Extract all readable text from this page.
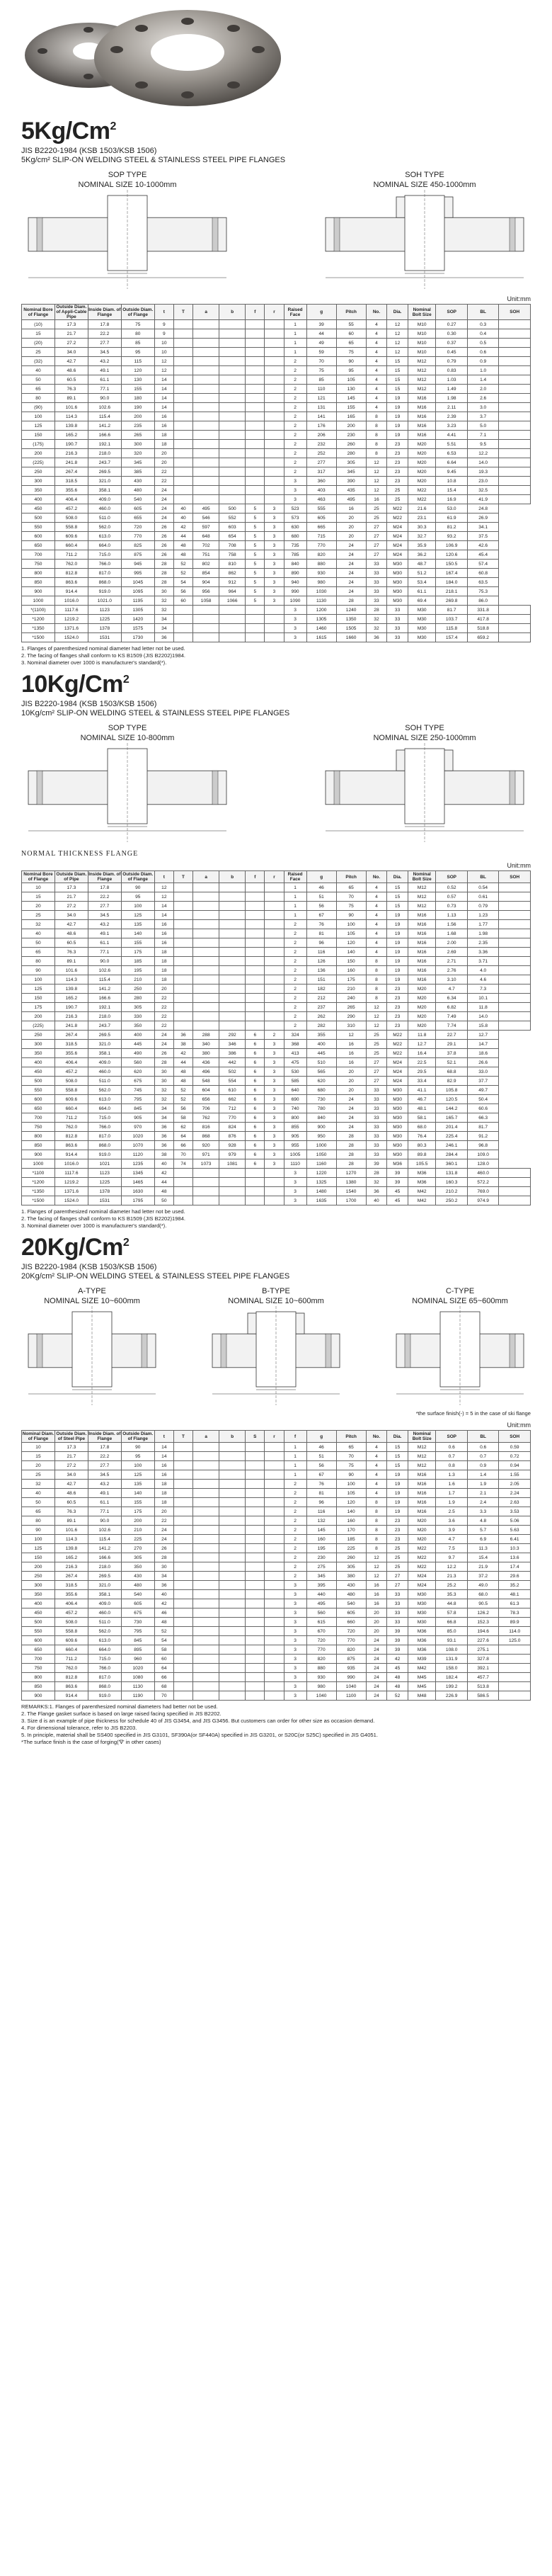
5Kg/Cm$^2$
JIS B2220-1984 (KSB 1503/KSB 1506)
5Kg/cm² SLIP-ON WELDING STEEL & STAINLESS STEEL PIPE FLANGES
SOP TYPE
NOMINAL SIZE 10-1000mm
SOH TYPE
NOMINAL SIZE 450-1000mm
Unit:mm
Nominal Bore of Flange	Outside Diam. of Appli-Cable Pipe	Inside Diam. of Flange	Outside Diam. of Flange	t	T	a	b	f	r	Raised Face	g	Pitch	No.	Dia.	Nominal Bolt Size	SOP	BL	SOH
(10)	17.3	17.8	75	9						1	39	55	4	12	M10	0.27	0.3	
15	21.7	22.2	80	9						1	44	60	4	12	M10	0.30	0.4	
(20)	27.2	27.7	85	10						1	49	65	4	12	M10	0.37	0.5	
25	34.0	34.5	95	10						1	59	75	4	12	M10	0.45	0.6	
(32)	42.7	43.2	115	12						2	70	90	4	15	M12	0.79	0.9	
40	48.6	49.1	120	12						2	75	95	4	15	M12	0.83	1.0	
50	60.5	61.1	130	14						2	85	105	4	15	M12	1.03	1.4	
65	76.3	77.1	155	14						2	110	130	4	15	M12	1.49	2.0	
80	89.1	90.0	180	14						2	121	145	4	19	M16	1.98	2.6	
(90)	101.6	102.6	190	14						2	131	155	4	19	M16	2.11	3.0	
100	114.3	115.4	200	16						2	141	165	8	19	M16	2.39	3.7	
125	139.8	141.2	235	16						2	176	200	8	19	M16	3.23	5.0	
150	165.2	166.6	265	18						2	206	230	8	19	M16	4.41	7.1	
(175)	190.7	192.1	300	18						2	232	260	8	23	M20	5.51	9.5	
200	216.3	218.0	320	20						2	252	280	8	23	M20	6.53	12.2	
(225)	241.8	243.7	345	20						2	277	305	12	23	M20	6.64	14.0	
250	267.4	269.5	385	22						2	317	345	12	23	M20	9.45	19.3	
300	318.5	321.0	430	22						3	360	390	12	23	M20	10.8	23.0	
350	355.6	358.1	480	24						3	403	435	12	25	M22	15.4	32.5	
400	406.4	409.0	540	24						3	463	495	16	25	M22	16.9	41.9	
450	457.2	460.0	605	24	40	495	500	5	3	523	555	16	25	M22	21.6	53.0	24.8	
500	508.0	511.0	655	24	40	546	552	5	3	573	605	20	25	M22	23.1	61.9	26.9	
550	558.8	562.0	720	26	42	597	603	5	3	630	665	20	27	M24	30.3	81.2	34.1	
600	609.6	613.0	770	26	44	648	654	5	3	680	715	20	27	M24	32.7	93.2	37.5	
650	660.4	664.0	825	26	48	702	708	5	3	735	770	24	27	M24	35.9	106.9	42.6	
700	711.2	715.0	875	26	48	751	758	5	3	785	820	24	27	M24	36.2	120.6	45.4	
750	762.0	766.0	945	28	52	802	810	5	3	840	880	24	33	M30	48.7	150.5	57.4	
800	812.8	817.0	995	28	52	854	862	5	3	890	930	24	33	M30	51.2	167.4	60.8	
850	863.6	868.0	1045	28	54	904	912	5	3	940	980	24	33	M30	53.4	184.0	63.5	
900	914.4	919.0	1095	30	56	956	964	5	3	990	1030	24	33	M30	61.1	218.1	75.3	
1000	1016.0	1021.0	1195	32	60	1058	1066	5	3	1090	1130	28	33	M30	69.4	269.8	86.0	
*(1100)	1117.6	1123	1305	32						3	1200	1240	28	33	M30	81.7	331.8	
*1200	1219.2	1225	1420	34						3	1305	1350	32	33	M30	103.7	417.8	
*1350	1371.6	1378	1575	34						3	1460	1505	32	33	M30	115.8	518.8	
*1500	1524.0	1531	1730	36						3	1615	1660	36	33	M30	157.4	659.2	
1. Flanges of parenthesized nominal diameter had letter not be used.
2. The facing of flanges shall conform to KS B1509 (JIS B2202)1984.
3. Nominal diameter over 1000 is manufacturer's standard(*).
10Kg/Cm$^2$
JIS B2220-1984 (KSB 1503/KSB 1506)
10Kg/cm² SLIP-ON WELDING STEEL & STAINLESS STEEL PIPE FLANGES
SOP TYPE
NOMINAL SIZE 10-800mm
SOH TYPE
NOMINAL SIZE 250-1000mm
NORMAL THICKNESS FLANGE
Unit:mm
Nominal Bore of Flange	Outside Diam. of Pipe	Inside Diam. of Flange	Outside Diam. of Flange	t	T	a	b	f	r	Raised Face	g	Pitch	No.	Dia.	Nominal Bolt Size	SOP	BL	SOH
10	17.3	17.8	90	12						1	46	65	4	15	M12	0.52	0.54	
15	21.7	22.2	95	12						1	51	70	4	15	M12	0.57	0.61	
20	27.2	27.7	100	14						1	56	75	4	15	M12	0.73	0.79	
25	34.0	34.5	125	14						1	67	90	4	19	M16	1.13	1.23	
32	42.7	43.2	135	16						2	76	100	4	19	M16	1.56	1.77	
40	48.6	49.1	140	16						2	81	105	4	19	M16	1.68	1.98	
50	60.5	61.1	155	16						2	96	120	4	19	M16	2.00	2.35	
65	76.3	77.1	175	18						2	116	140	4	19	M16	2.69	3.36	
80	89.1	90.0	185	18						2	126	150	8	19	M16	2.71	3.71	
90	101.6	102.6	195	18						2	136	160	8	19	M16	2.76	4.0	
100	114.3	115.4	210	18						2	151	175	8	19	M16	3.10	4.6	
125	139.8	141.2	250	20						2	182	210	8	23	M20	4.7	7.3	
150	165.2	166.6	280	22						2	212	240	8	23	M20	6.34	10.1	
175	190.7	192.1	305	22						2	237	265	12	23	M20	6.82	11.8	
200	216.3	218.0	330	22						2	262	290	12	23	M20	7.49	14.0	
(225)	241.8	243.7	350	22						2	282	310	12	23	M20	7.74	15.8	
250	267.4	269.5	400	24	36	288	292	6	2	324	355	12	25	M22	11.8	22.7	12.7	
300	318.5	321.0	445	24	38	340	346	6	3	368	400	16	25	M22	12.7	29.1	14.7	
350	355.6	358.1	490	26	42	380	386	6	3	413	445	16	25	M22	16.4	37.8	18.6	
400	406.4	409.0	560	28	44	436	442	6	3	475	510	16	27	M24	22.5	52.1	26.6	
450	457.2	460.0	620	30	48	496	502	6	3	530	565	20	27	M24	29.5	68.8	33.0	
500	508.0	511.0	675	30	48	548	554	6	3	585	620	20	27	M24	33.4	82.9	37.7	
550	558.8	562.0	745	32	52	604	610	6	3	640	680	20	33	M30	41.1	105.8	49.7	
600	609.6	613.0	795	32	52	656	662	6	3	690	730	24	33	M30	46.7	120.5	50.4	
650	660.4	664.0	845	34	56	706	712	6	3	740	780	24	33	M30	48.1	144.2	60.6	
700	711.2	715.0	905	34	58	762	770	6	3	800	840	24	33	M30	58.1	165.7	66.3	
750	762.0	766.0	970	36	62	816	824	6	3	855	900	24	33	M30	68.0	201.4	81.7	
800	812.8	817.0	1020	36	64	868	876	6	3	905	950	28	33	M30	76.4	225.4	91.2	
850	863.6	868.0	1070	36	66	920	928	6	3	955	1000	28	33	M30	80.3	246.1	96.8	
900	914.4	919.0	1120	38	70	971	979	6	3	1005	1050	28	33	M30	89.8	284.4	109.0	
1000	1016.0	1021	1235	40	74	1073	1081	6	3	1110	1160	28	39	M36	105.5	360.1	128.0	
*1100	1117.6	1123	1345	42						3	1220	1270	28	39	M36	131.8	460.0	
*1200	1219.2	1225	1465	44						3	1325	1380	32	39	M36	160.3	572.2	
*1350	1371.6	1378	1630	48						3	1480	1540	36	45	M42	210.2	769.0	
*1500	1524.0	1531	1795	50						3	1635	1700	40	45	M42	250.2	974.9	
1. Flanges of parenthesized nominal diameter had letter not be used.
2. The facing of flanges shall conform to KS B1509 (JIS B2202)1984.
3. Nominal diameter over 1000 is manufacturer's standard(*).
20Kg/Cm$^2$
JIS B2220-1984 (KSB 1503/KSB 1506)
20Kg/cm² SLIP-ON WELDING STEEL & STAINLESS STEEL PIPE FLANGES
A-TYPE
NOMINAL SIZE 10~600mm
B-TYPE
NOMINAL SIZE 10~600mm
C-TYPE
NOMINAL SIZE 65~600mm
*the surface finish(-) = 5 in the case of ski flange
Unit:mm
Nominal Diam. of Flange	Outside Diam. of Steel Pipe	Inside Diam. of Flange	Outside Diam. of Flange	t	T	a	b	S	r	f	g	Pitch	No.	Dia.	Nominal Bolt Size	SOP	BL	SOH
10	17.3	17.8	90	14						1	46	65	4	15	M12	0.6	0.6	0.59
15	21.7	22.2	95	14						1	51	70	4	15	M12	0.7	0.7	0.72
20	27.2	27.7	100	16						1	56	75	4	15	M12	0.8	0.9	0.94
25	34.0	34.5	125	16						1	67	90	4	19	M16	1.3	1.4	1.55
32	42.7	43.2	135	18						2	76	100	4	19	M16	1.6	1.9	2.05
40	48.6	49.1	140	18						2	81	105	4	19	M16	1.7	2.1	2.24
50	60.5	61.1	155	18						2	96	120	8	19	M16	1.9	2.4	2.63
65	76.3	77.1	175	20						2	116	140	8	19	M16	2.5	3.3	3.53
80	89.1	90.0	200	22						2	132	160	8	23	M20	3.6	4.8	5.06
90	101.6	102.6	210	24						2	145	170	8	23	M20	3.9	5.7	5.63
100	114.3	115.4	225	24						2	160	185	8	23	M20	4.7	6.9	6.41
125	139.8	141.2	270	26						2	195	225	8	25	M22	7.5	11.3	10.3
150	165.2	166.6	305	28						2	230	260	12	25	M22	9.7	15.4	13.6
200	216.3	218.0	350	30						2	275	305	12	25	M22	12.2	21.9	17.4
250	267.4	269.5	430	34						2	345	380	12	27	M24	21.3	37.2	29.6
300	318.5	321.0	480	36						3	395	430	16	27	M24	25.2	49.0	35.2
350	355.6	358.1	540	40						3	440	480	16	33	M30	35.3	68.0	48.1
400	406.4	409.0	605	42						3	495	540	16	33	M30	44.8	90.5	61.3
450	457.2	460.0	675	46						3	560	605	20	33	M30	57.8	126.2	78.3
500	508.0	511.0	730	48						3	615	660	20	33	M30	66.8	152.3	89.9
550	558.8	562.0	795	52						3	670	720	20	39	M36	85.0	194.6	114.0
600	609.6	613.0	845	54						3	720	770	24	39	M36	93.1	227.6	125.0
650	660.4	664.0	895	58						3	770	820	24	39	M36	108.0	275.1	
700	711.2	715.0	960	60						3	820	875	24	42	M39	131.9	327.8	
750	762.0	766.0	1020	64						3	880	935	24	45	M42	158.0	392.1	
800	812.8	817.0	1080	66						3	930	990	24	48	M45	182.4	457.7	
850	863.6	868.0	1130	68						3	980	1040	24	48	M45	199.2	513.8	
900	914.4	919.0	1190	70						3	1040	1100	24	52	M48	226.9	586.5	
REMARKS:1. Flanges of parenthesized nominal diameters had better not be used.
2. The Flange gasket surface is based on large raised facing specified in JIS B2202.
3. Size d is an example of pipe thickness for schedule 40 of JIS G3454, and JIS G3456. But customers can order for other size as occasion demand.
4. For dimensional tolerance, refer to JIS B2203.
5. In principle, material shall be SS400 specified in JIS G3101, SF390A(or SF440A) specified in JIS G3201, or S20C(or S25C) specified in JIS G4051.
*The surface finish is the case of forging('∇' in other cases)
